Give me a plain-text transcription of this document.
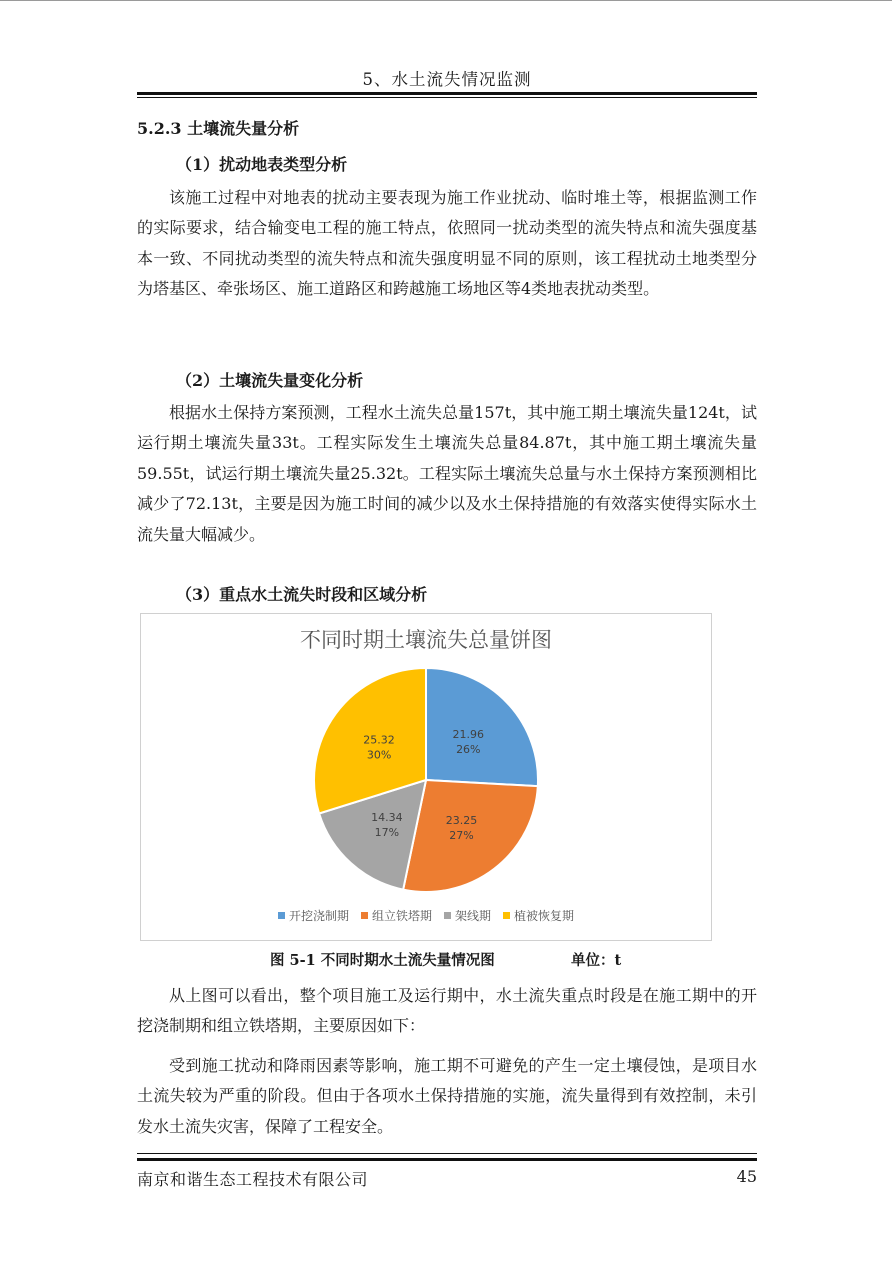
5、水土流失情况监测
5.2.3 土壤流失量分析
（1）扰动地表类型分析

该施工过程中对地表的扰动主要表现为施工作业扰动、临时堆土等，根据监测工作的实际要求，结合输变电工程的施工特点，依照同一扰动类型的流失特点和流失强度基本一致、不同扰动类型的流失特点和流失强度明显不同的原则，该工程扰动土地类型分为塔基区、牵张场区、施工道路区和跨越施工场地区等4类地表扰动类型。

（2）土壤流失量变化分析

根据水土保持方案预测，工程水土流失总量157t，其中施工期土壤流失量124t，试运行期土壤流失量33t。工程实际发生土壤流失总量84.87t，其中施工期土壤流失量59.55t，试运行期土壤流失量25.32t。工程实际土壤流失总量与水土保持方案预测相比减少了72.13t，主要是因为施工时间的减少以及水土保持措施的有效落实使得实际水土流失量大幅减少。

（3）重点水土流失时段和区域分析
21.96
26%
23.25
27%
14.34
17%
25.32
30%
不同时期土壤流失总量饼图
开挖浇制期 组立铁塔期 架线期 植被恢复期
图 5-1 不同时期水土流失量情况图	单位：t

从上图可以看出，整个项目施工及运行期中，水土流失重点时段是在施工期中的开挖浇制期和组立铁塔期，主要原因如下：

受到施工扰动和降雨因素等影响，施工期不可避免的产生一定土壤侵蚀，是项目水土流失较为严重的阶段。但由于各项水土保持措施的实施，流失量得到有效控制，未引发水土流失灾害，保障了工程安全。

南京和谐生态工程技术有限公司	45
